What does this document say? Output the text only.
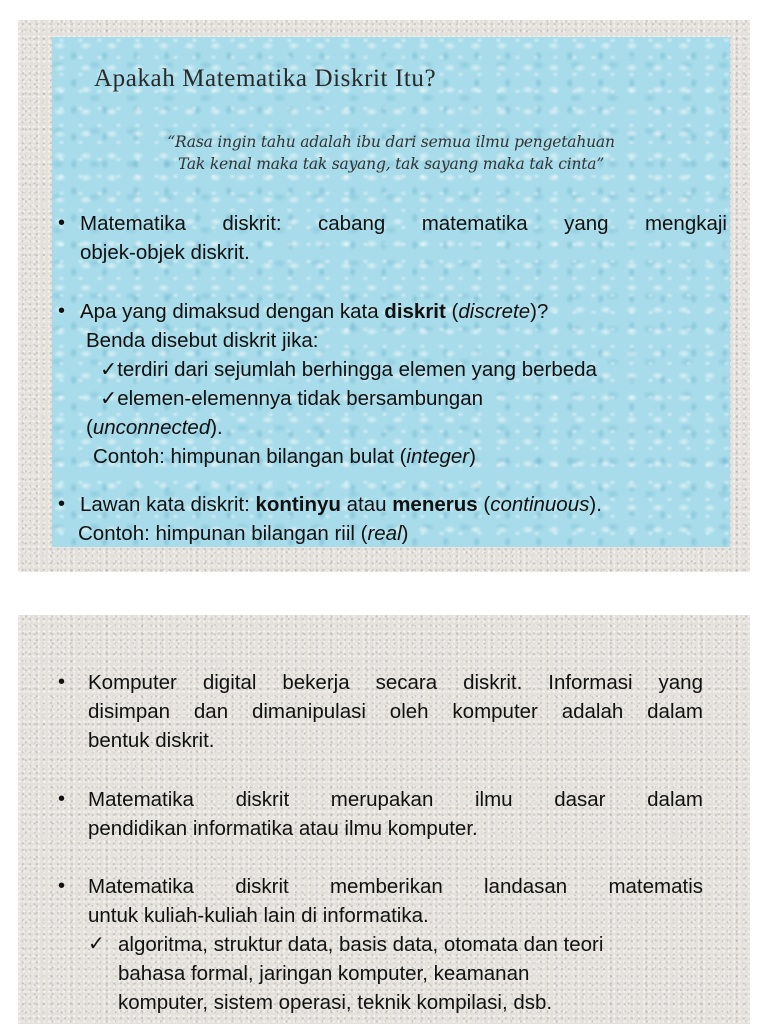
Apakah Matematika Diskrit Itu?
“Rasa ingin tahu adalah ibu dari semua ilmu pengetahuan
Tak kenal maka tak sayang, tak sayang maka tak cinta”
• Matematika diskrit: cabang matematika yang mengkaji
objek-objek diskrit.
• Apa yang dimaksud dengan kata diskrit (discrete)?
Benda disebut diskrit jika:
✓terdiri dari sejumlah berhingga elemen yang berbeda
✓elemen-elemennya tidak bersambungan
(unconnected).
Contoh: himpunan bilangan bulat (integer)
• Lawan kata diskrit: kontinyu atau menerus (continuous).
Contoh: himpunan bilangan riil (real)
• Komputer digital bekerja secara diskrit. Informasi yang
disimpan dan dimanipulasi oleh komputer adalah dalam
bentuk diskrit.
• Matematika diskrit merupakan ilmu dasar dalam
pendidikan informatika atau ilmu komputer.
• Matematika diskrit memberikan landasan matematis
untuk kuliah-kuliah lain di informatika.
✓ algoritma, struktur data, basis data, otomata dan teori
bahasa formal, jaringan komputer, keamanan
komputer, sistem operasi, teknik kompilasi, dsb.
